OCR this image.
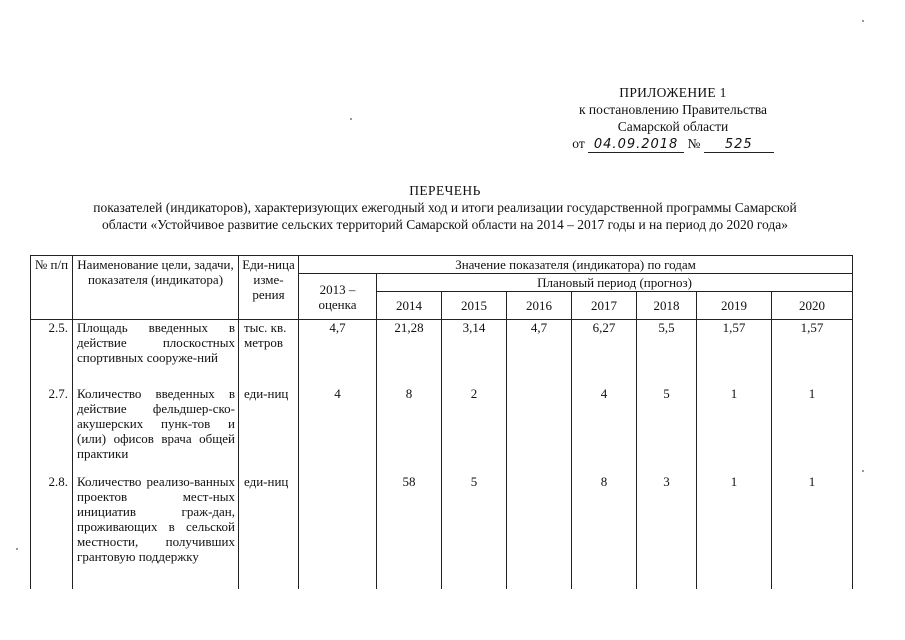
ПРИЛОЖЕНИЕ 1
к постановлению Правительства
Самарской области
от 04.09.2018 № 525
ПЕРЕЧЕНЬ
показателей (индикаторов), характеризующих ежегодный ход и итоги реализации государственной программы Самарской
области «Устойчивое развитие сельских территорий Самарской области на 2014 – 2017 годы и на период до 2020 года»
№ п/п	Наименование цели, задачи, показателя (индикатора)	Еди-ница изме-рения	Значение показателя (индикатора) по годам							
			2013 – оценка	Плановый период (прогноз)						
				2014	2015	2016	2017	2018	2019	2020
2.5.	Площадь введенных в действие плоскостных спортивных сооруже-ний	тыс. кв. метров	4,7	21,28	3,14	4,7	6,27	5,5	1,57	1,57
2.7.	Количество введенных в действие фельдшер-ско-акушерских пунк-тов и (или) офисов врача общей практики	еди-ниц	4	8	2		4	5	1	1
2.8.	Количество реализо-ванных проектов мест-ных инициатив граж-дан, проживающих в сельской местности, получивших грантовую поддержку	еди-ниц		58	5		8	3	1	1
